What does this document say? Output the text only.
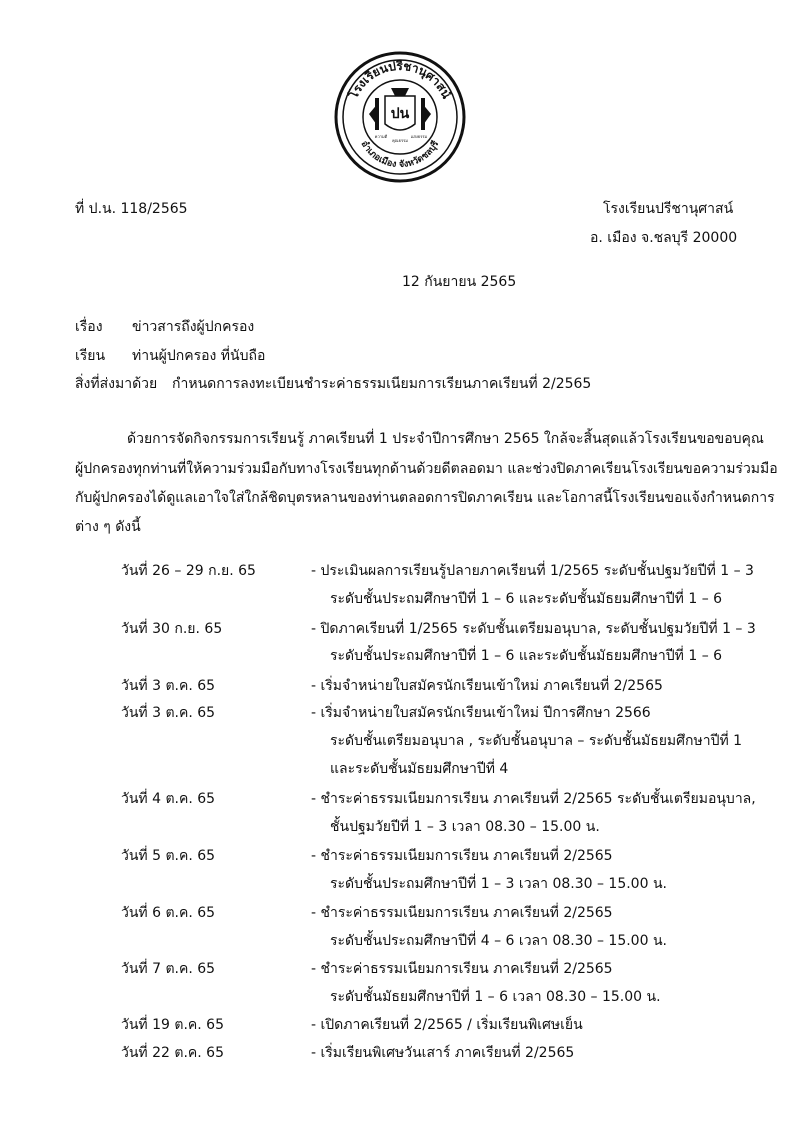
โรงเรียนปรีชานุศาสน์
อำเภอเมือง จังหวัดชลบุรี
ปน
ความดี
คุณธรรม
แสงธรรม
ที่ ป.น. 118/2565	โรงเรียนปรีชานุศาสน์
อ. เมือง จ.ชลบุรี 20000
12 กันยายน 2565
เรื่อง ข่าวสารถึงผู้ปกครอง
เรียน ท่านผู้ปกครอง ที่นับถือ
สิ่งที่ส่งมาด้วย กำหนดการลงทะเบียนชำระค่าธรรมเนียมการเรียนภาคเรียนที่ 2/2565
ด้วยการจัดกิจกรรมการเรียนรู้ ภาคเรียนที่ 1 ประจำปีการศึกษา 2565 ใกล้จะสิ้นสุดแล้วโรงเรียนขอขอบคุณ
ผู้ปกครองทุกท่านที่ให้ความร่วมมือกับทางโรงเรียนทุกด้านด้วยดีตลอดมา และช่วงปิดภาคเรียนโรงเรียนขอความร่วมมือ
กับผู้ปกครองได้ดูแลเอาใจใส่ใกล้ชิดบุตรหลานของท่านตลอดการปิดภาคเรียน และโอกาสนี้โรงเรียนขอแจ้งกำหนดการ
ต่าง ๆ ดังนี้
วันที่ 26 – 29 ก.ย. 65	- ประเมินผลการเรียนรู้ปลายภาคเรียนที่ 1/2565 ระดับชั้นปฐมวัยปีที่ 1 – 3
ระดับชั้นประถมศึกษาปีที่ 1 – 6 และระดับชั้นมัธยมศึกษาปีที่ 1 – 6
วันที่ 30 ก.ย. 65	- ปิดภาคเรียนที่ 1/2565 ระดับชั้นเตรียมอนุบาล, ระดับชั้นปฐมวัยปีที่ 1 – 3
ระดับชั้นประถมศึกษาปีที่ 1 – 6 และระดับชั้นมัธยมศึกษาปีที่ 1 – 6
วันที่ 3 ต.ค. 65	- เริ่มจำหน่ายใบสมัครนักเรียนเข้าใหม่ ภาคเรียนที่ 2/2565
วันที่ 3 ต.ค. 65	- เริ่มจำหน่ายใบสมัครนักเรียนเข้าใหม่ ปีการศึกษา 2566
ระดับชั้นเตรียมอนุบาล , ระดับชั้นอนุบาล – ระดับชั้นมัธยมศึกษาปีที่ 1
และระดับชั้นมัธยมศึกษาปีที่ 4
วันที่ 4 ต.ค. 65	- ชำระค่าธรรมเนียมการเรียน ภาคเรียนที่ 2/2565 ระดับชั้นเตรียมอนุบาล,
ชั้นปฐมวัยปีที่ 1 – 3 เวลา 08.30 – 15.00 น.
วันที่ 5 ต.ค. 65	- ชำระค่าธรรมเนียมการเรียน ภาคเรียนที่ 2/2565
ระดับชั้นประถมศึกษาปีที่ 1 – 3 เวลา 08.30 – 15.00 น.
วันที่ 6 ต.ค. 65	- ชำระค่าธรรมเนียมการเรียน ภาคเรียนที่ 2/2565
ระดับชั้นประถมศึกษาปีที่ 4 – 6 เวลา 08.30 – 15.00 น.
วันที่ 7 ต.ค. 65	- ชำระค่าธรรมเนียมการเรียน ภาคเรียนที่ 2/2565
ระดับชั้นมัธยมศึกษาปีที่ 1 – 6 เวลา 08.30 – 15.00 น.
วันที่ 19 ต.ค. 65	- เปิดภาคเรียนที่ 2/2565 / เริ่มเรียนพิเศษเย็น
วันที่ 22 ต.ค. 65	- เริ่มเรียนพิเศษวันเสาร์ ภาคเรียนที่ 2/2565
